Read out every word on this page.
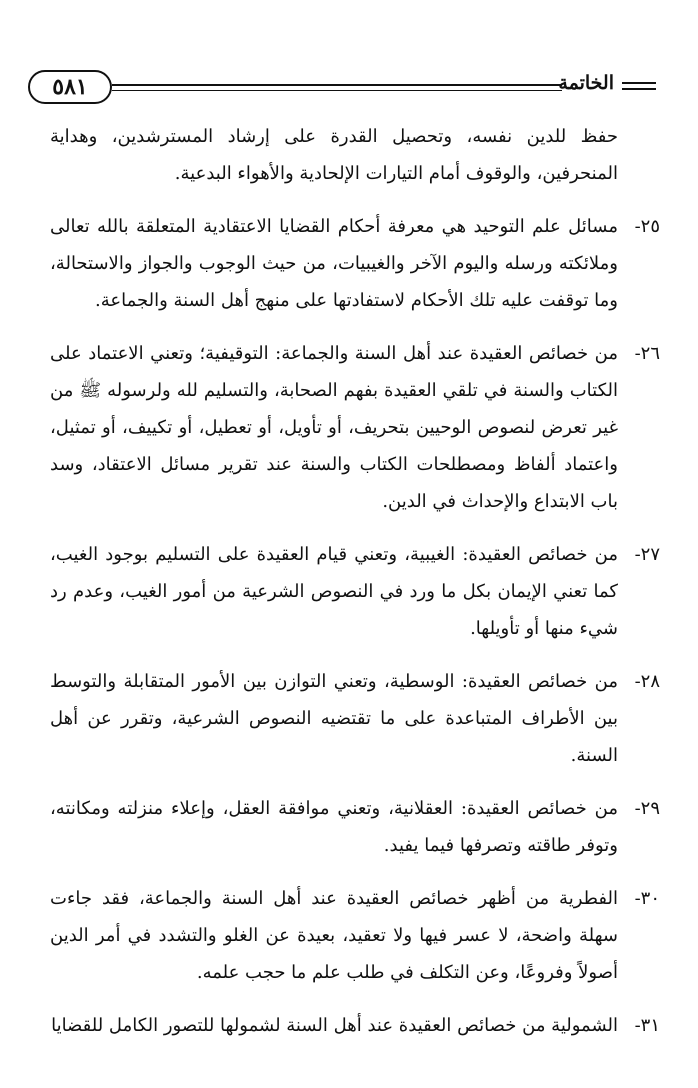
الخاتمة
٥٨١

حفظ للدين نفسه، وتحصيل القدرة على إرشاد المسترشدين، وهداية المنحرفين، والوقوف أمام التيارات الإلحادية والأهواء البدعية.

٢٥-
مسائل علم التوحيد هي معرفة أحكام القضايا الاعتقادية المتعلقة بالله تعالى وملائكته ورسله واليوم الآخر والغيبيات، من حيث الوجوب والجواز والاستحالة، وما توقفت عليه تلك الأحكام لاستفادتها على منهج أهل السنة والجماعة.
٢٦-
من خصائص العقيدة عند أهل السنة والجماعة: التوقيفية؛ وتعني الاعتماد على الكتاب والسنة في تلقي العقيدة بفهم الصحابة، والتسليم لله ولرسوله ﷺ من غير تعرض لنصوص الوحيين بتحريف، أو تأويل، أو تعطيل، أو تكييف، أو تمثيل، واعتماد ألفاظ ومصطلحات الكتاب والسنة عند تقرير مسائل الاعتقاد، وسد باب الابتداع والإحداث في الدين.
٢٧-
من خصائص العقيدة: الغيبية، وتعني قيام العقيدة على التسليم بوجود الغيب، كما تعني الإيمان بكل ما ورد في النصوص الشرعية من أمور الغيب، وعدم رد شيء منها أو تأويلها.
٢٨-
من خصائص العقيدة: الوسطية، وتعني التوازن بين الأمور المتقابلة والتوسط بين الأطراف المتباعدة على ما تقتضيه النصوص الشرعية، وتقرر عن أهل السنة.
٢٩-
من خصائص العقيدة: العقلانية، وتعني موافقة العقل، وإعلاء منزلته ومكانته، وتوفر طاقته وتصرفها فيما يفيد.
٣٠-
الفطرية من أظهر خصائص العقيدة عند أهل السنة والجماعة، فقد جاءت سهلة واضحة، لا عسر فيها ولا تعقيد، بعيدة عن الغلو والتشدد في أمر الدين أصولاً وفروعًا، وعن التكلف في طلب علم ما حجب علمه.
٣١-
الشمولية من خصائص العقيدة عند أهل السنة لشمولها للتصور الكامل للقضايا
